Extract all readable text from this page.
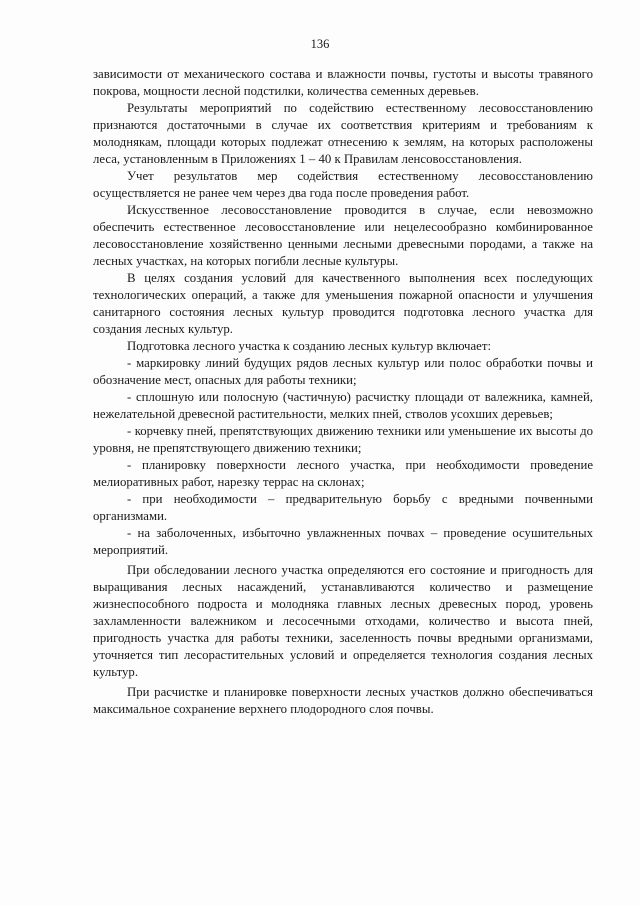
136

зависимости от механического состава и влажности почвы, густоты и высоты травяного покрова, мощности лесной подстилки, количества семенных деревьев.

Результаты мероприятий по содействию естественному лесовосстановлению признаются достаточными в случае их соответствия критериям и требованиям к молоднякам, площади которых подлежат отнесению к землям, на которых расположены леса, установленным в Приложениях 1 – 40 к Правилам ленсовосстановления.

Учет результатов мер содействия естественному лесовосстановлению осуществляется не ранее чем через два года после проведения работ.

Искусственное лесовосстановление проводится в случае, если невозможно обеспечить естественное лесовосстановление или нецелесообразно комбинированное лесовосстановление хозяйственно ценными лесными древесными породами, а также на лесных участках, на которых погибли лесные культуры.

В целях создания условий для качественного выполнения всех последующих технологических операций, а также для уменьшения пожарной опасности и улучшения санитарного состояния лесных культур проводится подготовка лесного участка для создания лесных культур.

Подготовка лесного участка к созданию лесных культур включает:

- маркировку линий будущих рядов лесных культур или полос обработки почвы и обозначение мест, опасных для работы техники;

- сплошную или полосную (частичную) расчистку площади от валежника, камней, нежелательной древесной растительности, мелких пней, стволов усохших деревьев;

- корчевку пней, препятствующих движению техники или уменьшение их высоты до уровня, не препятствующего движению техники;

- планировку поверхности лесного участка, при необходимости проведение мелиоративных работ, нарезку террас на склонах;

- при необходимости – предварительную борьбу с вредными почвенными организмами.

- на заболоченных, избыточно увлажненных почвах – проведение осушительных мероприятий.

При обследовании лесного участка определяются его состояние и пригодность для выращивания лесных насаждений, устанавливаются количество и размещение жизнеспособного подроста и молодняка главных лесных древесных пород, уровень захламленности валежником и лесосечными отходами, количество и высота пней, пригодность участка для работы техники, заселенность почвы вредными организмами, уточняется тип лесорастительных условий и определяется технология создания лесных культур.

При расчистке и планировке поверхности лесных участков должно обеспечиваться максимальное сохранение верхнего плодородного слоя почвы.
